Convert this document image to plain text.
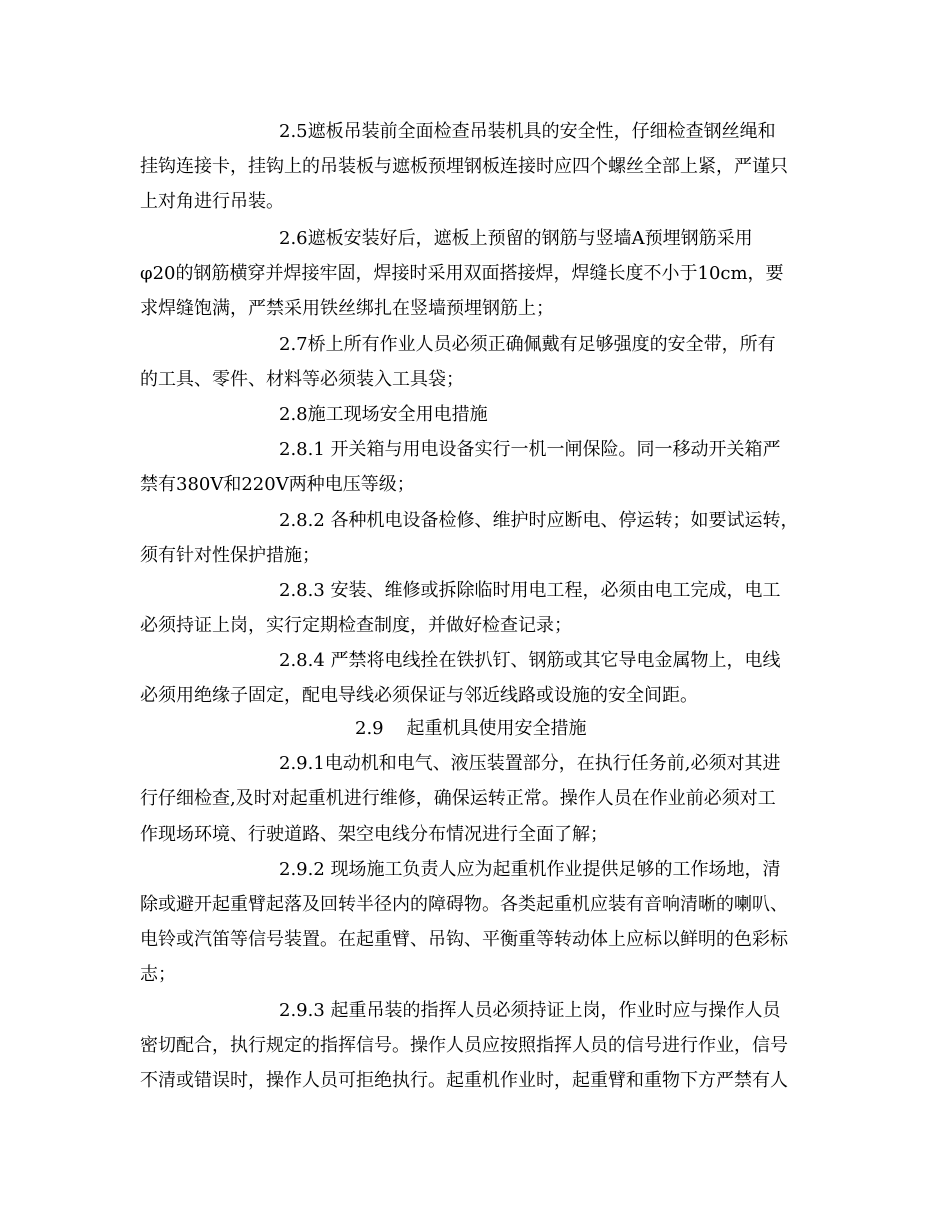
2.5遮板吊装前全面检查吊装机具的安全性，仔细检查钢丝绳和
挂钩连接卡，挂钩上的吊装板与遮板预埋钢板连接时应四个螺丝全部上紧，严谨只
上对角进行吊装。
2.6遮板安装好后，遮板上预留的钢筋与竖墙A预埋钢筋采用
φ20的钢筋横穿并焊接牢固，焊接时采用双面搭接焊，焊缝长度不小于10cm，要
求焊缝饱满，严禁采用铁丝绑扎在竖墙预埋钢筋上；
2.7桥上所有作业人员必须正确佩戴有足够强度的安全带，所有
的工具、零件、材料等必须装入工具袋；
2.8施工现场安全用电措施
2.8.1 开关箱与用电设备实行一机一闸保险。同一移动开关箱严
禁有380V和220V两种电压等级；
2.8.2 各种机电设备检修、维护时应断电、停运转；如要试运转，
须有针对性保护措施；
2.8.3 安装、维修或拆除临时用电工程，必须由电工完成，电工
必须持证上岗，实行定期检查制度，并做好检查记录；
2.8.4 严禁将电线拴在铁扒钉、钢筋或其它导电金属物上，电线
必须用绝缘子固定，配电导线必须保证与邻近线路或设施的安全间距。
2.9    起重机具使用安全措施
2.9.1电动机和电气、液压装置部分，在执行任务前,必须对其进
行仔细检查,及时对起重机进行维修，确保运转正常。操作人员在作业前必须对工
作现场环境、行驶道路、架空电线分布情况进行全面了解；
2.9.2 现场施工负责人应为起重机作业提供足够的工作场地，清
除或避开起重臂起落及回转半径内的障碍物。各类起重机应装有音响清晰的喇叭、
电铃或汽笛等信号装置。在起重臂、吊钩、平衡重等转动体上应标以鲜明的色彩标
志；
2.9.3 起重吊装的指挥人员必须持证上岗，作业时应与操作人员
密切配合，执行规定的指挥信号。操作人员应按照指挥人员的信号进行作业，信号
不清或错误时，操作人员可拒绝执行。起重机作业时，起重臂和重物下方严禁有人
